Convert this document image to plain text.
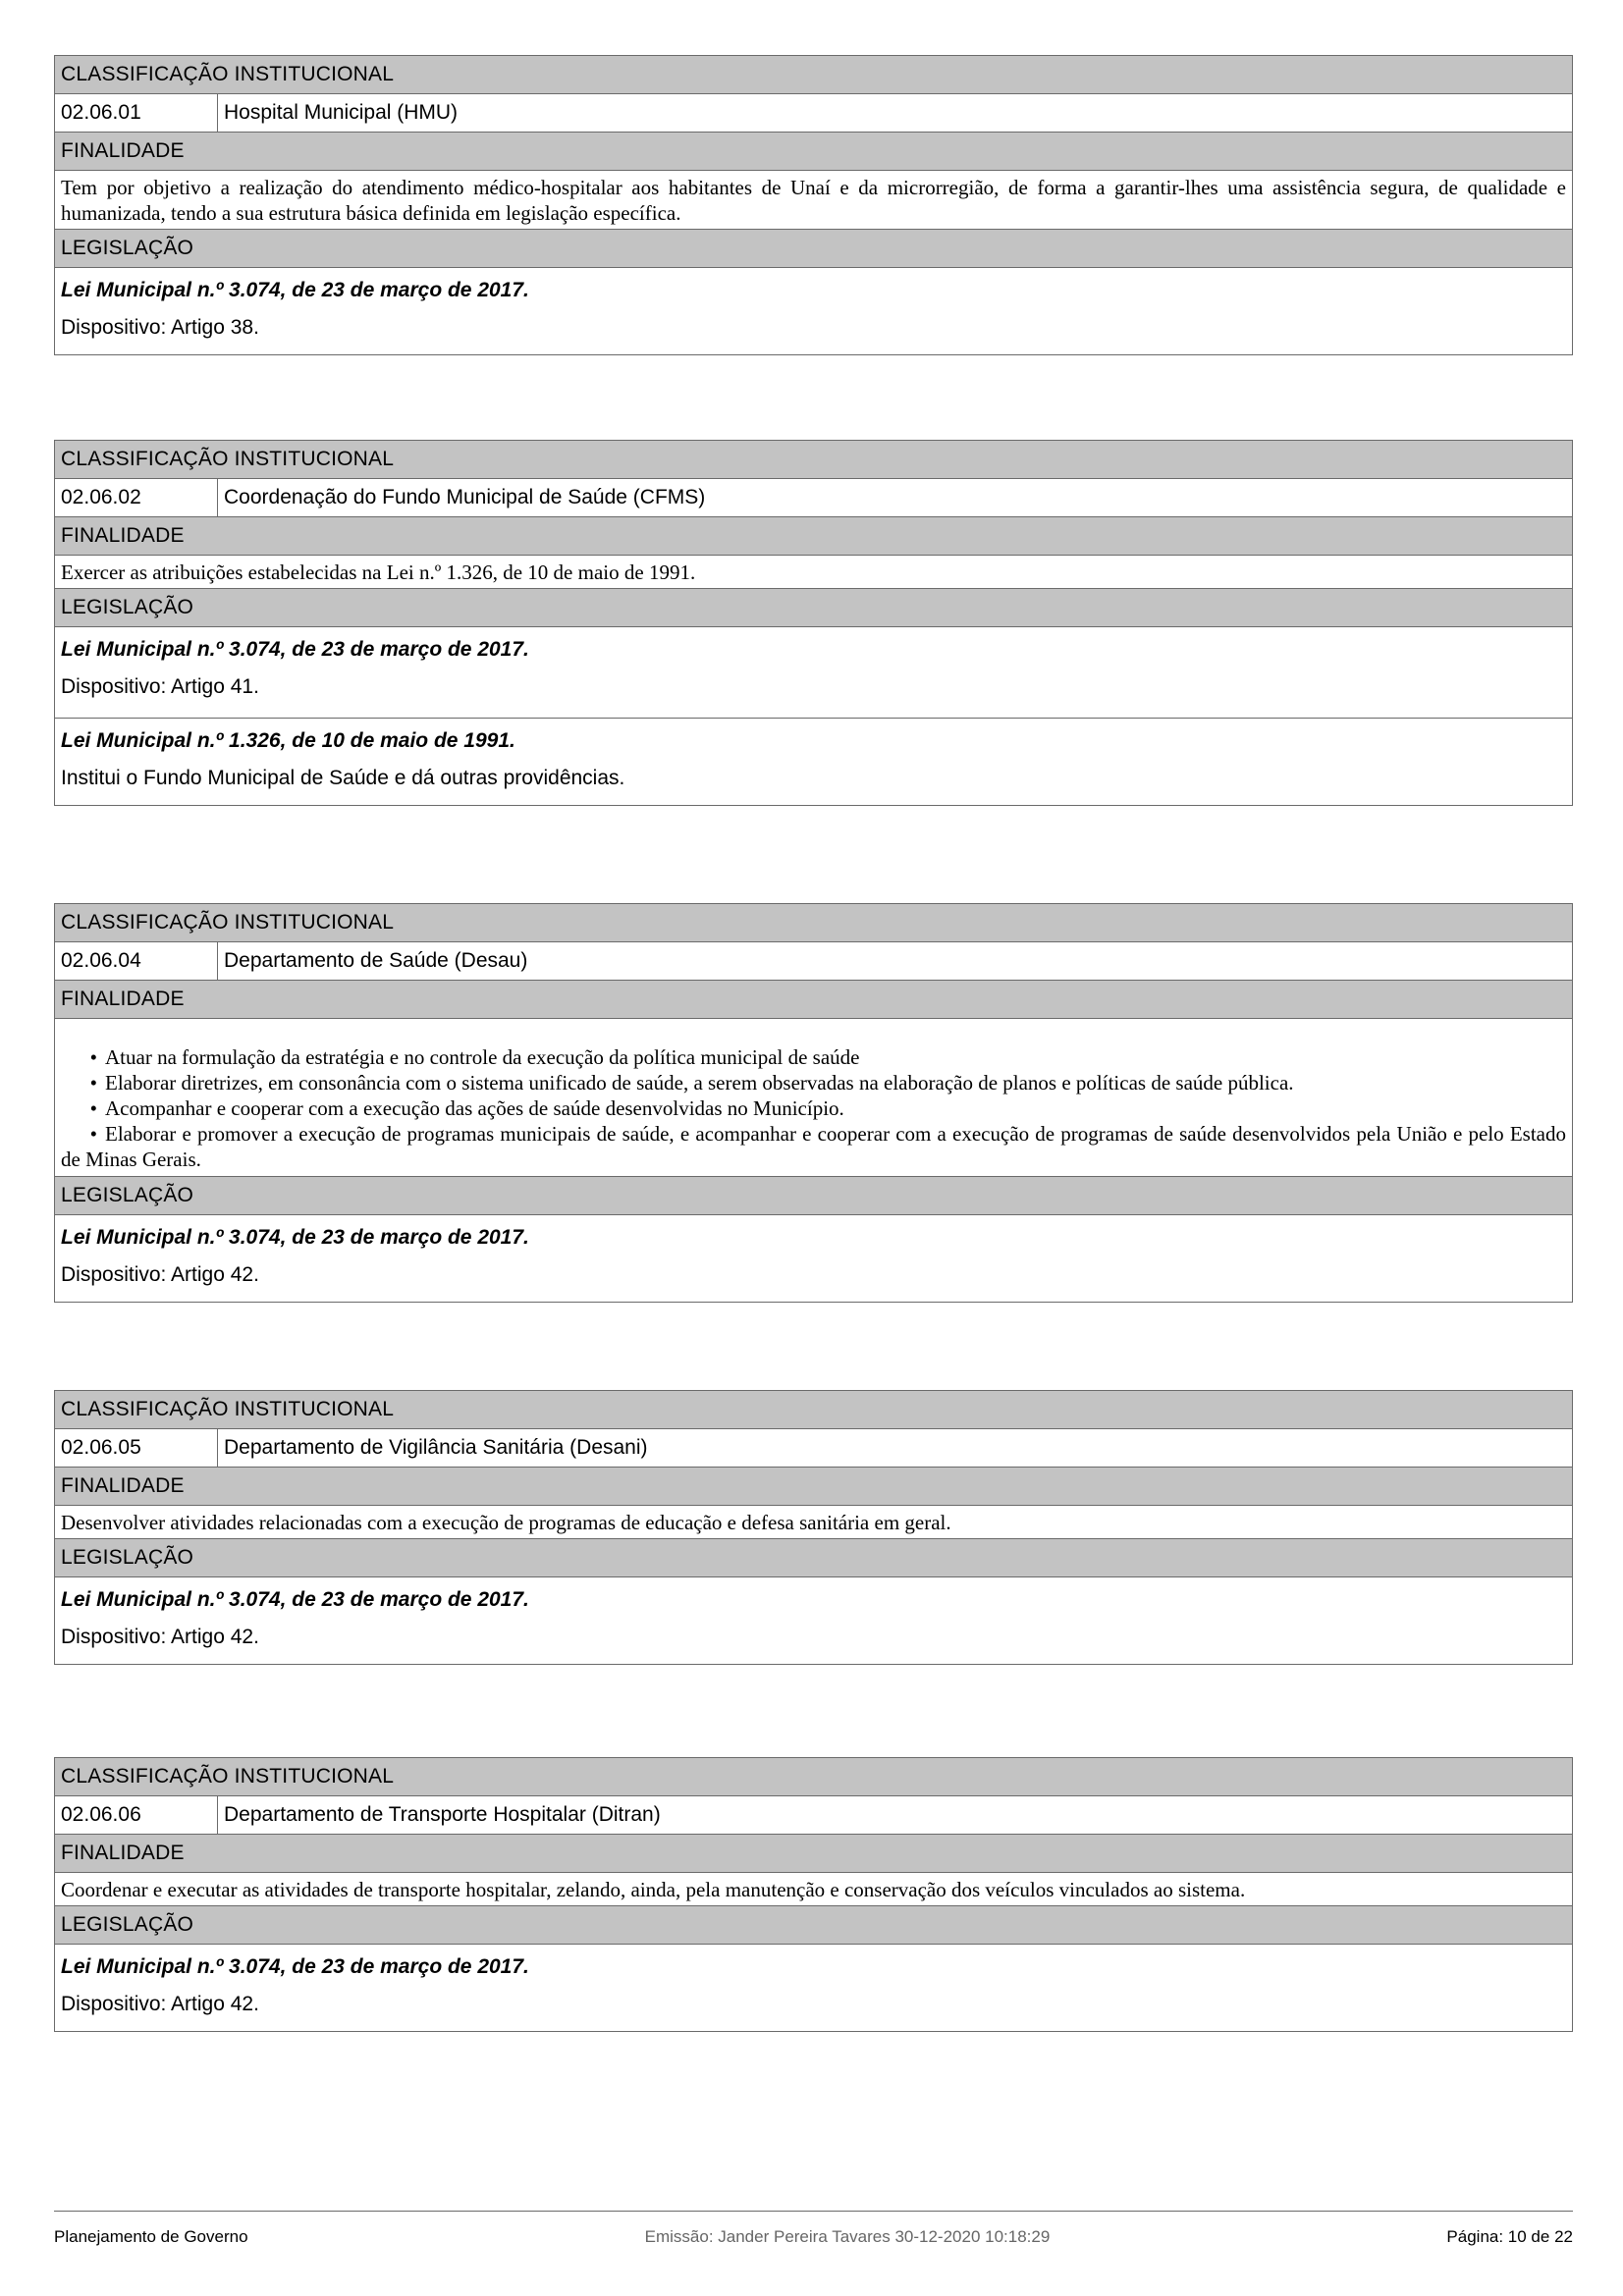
CLASSIFICAÇÃO INSTITUCIONAL
02.06.01	Hospital Municipal (HMU)
FINALIDADE
Tem por objetivo a realização do atendimento médico-hospitalar aos habitantes de Unaí e da microrregião, de forma a garantir-lhes uma assistência segura, de qualidade e humanizada, tendo a sua estrutura básica definida em legislação específica.
LEGISLAÇÃO
Lei Municipal n.º 3.074, de 23 de março de 2017.
Dispositivo: Artigo 38.
CLASSIFICAÇÃO INSTITUCIONAL
02.06.02	Coordenação do Fundo Municipal de Saúde (CFMS)
FINALIDADE
Exercer as atribuições estabelecidas na Lei n.º 1.326, de 10 de maio de 1991.
LEGISLAÇÃO
Lei Municipal n.º 3.074, de 23 de março de 2017.
Dispositivo: Artigo 41.
Lei Municipal n.º 1.326, de 10 de maio de 1991.
Institui o Fundo Municipal de Saúde e dá outras providências.
CLASSIFICAÇÃO INSTITUCIONAL
02.06.04	Departamento de Saúde (Desau)
FINALIDADE
• Atuar na formulação da estratégia e no controle da execução da política municipal de saúde
• Elaborar diretrizes, em consonância com o sistema unificado de saúde, a serem observadas na elaboração de planos e políticas de saúde pública.
• Acompanhar e cooperar com a execução das ações de saúde desenvolvidas no Município.
• Elaborar e promover a execução de programas municipais de saúde, e acompanhar e cooperar com a execução de programas de saúde desenvolvidos pela União e pelo Estado de Minas Gerais.
LEGISLAÇÃO
Lei Municipal n.º 3.074, de 23 de março de 2017.
Dispositivo: Artigo 42.
CLASSIFICAÇÃO INSTITUCIONAL
02.06.05	Departamento de Vigilância Sanitária (Desani)
FINALIDADE
Desenvolver atividades relacionadas com a execução de programas de educação e defesa sanitária em geral.
LEGISLAÇÃO
Lei Municipal n.º 3.074, de 23 de março de 2017.
Dispositivo: Artigo 42.
CLASSIFICAÇÃO INSTITUCIONAL
02.06.06	Departamento de Transporte Hospitalar (Ditran)
FINALIDADE
Coordenar e executar as atividades de transporte hospitalar, zelando, ainda, pela manutenção e conservação dos veículos vinculados ao sistema.
LEGISLAÇÃO
Lei Municipal n.º 3.074, de 23 de março de 2017.
Dispositivo: Artigo 42.
Planejamento de Governo	Emissão: Jander Pereira Tavares 30-12-2020 10:18:29	Página: 10 de 22
